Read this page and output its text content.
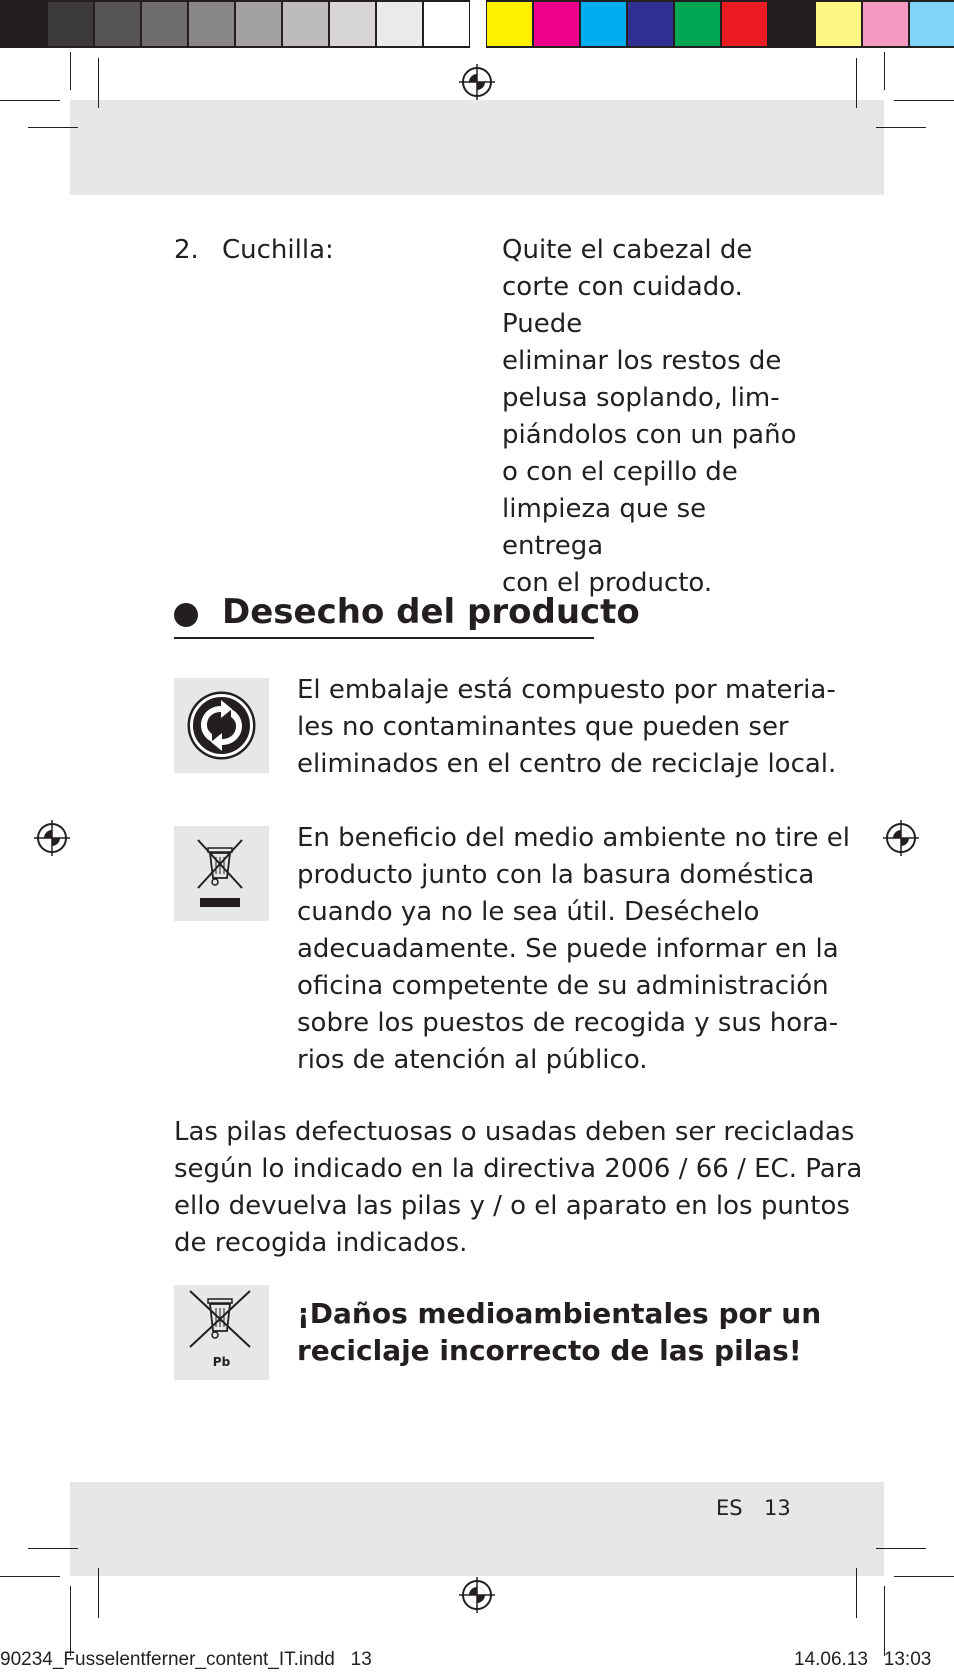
2. Cuchilla:	Quite el cabezal de
corte con cuidado. Puede
eliminar los restos de
pelusa soplando, lim-
piándolos con un paño
o con el cepillo de
limpieza que se entrega
con el producto.
Desecho del producto
El embalaje está compuesto por materia-
les no contaminantes que pueden ser
eliminados en el centro de reciclaje local.
En beneficio del medio ambiente no tire el
producto junto con la basura doméstica
cuando ya no le sea útil. Deséchelo
adecuadamente. Se puede informar en la
oficina competente de su administración
sobre los puestos de recogida y sus hora-
rios de atención al público.
Las pilas defectuosas o usadas deben ser recicladas
según lo indicado en la directiva 2006 / 66 / EC. Para
ello devuelva las pilas y / o el aparato en los puntos
de recogida indicados.
Pb
¡Daños medioambientales por un
reciclaje incorrecto de las pilas!
ES 13
90234_Fusselentferner_content_IT.indd   13	14.06.13   13:03
